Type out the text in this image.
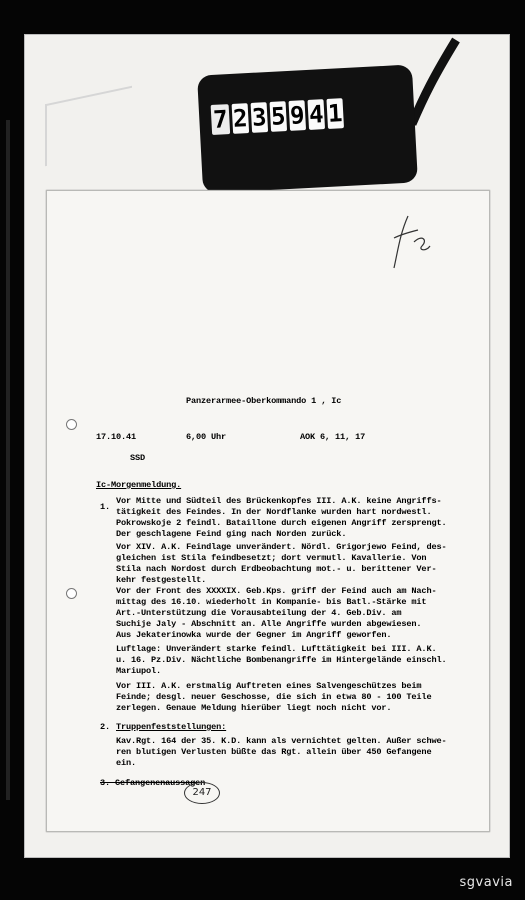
7 2 3 5 9 4 1
Panzerarmee-Oberkommando 1 , Ic
17.10.41	6,00 Uhr	AOK 6, 11, 17
SSD
Ic-Morgenmeldung.
1.
Vor Mitte und Südteil des Brückenkopfes III. A.K. keine Angriffs-
tätigkeit des Feindes. In der Nordflanke wurden hart nordwestl.
Pokrowskoje 2 feindl. Bataillone durch eigenen Angriff zersprengt.
Der geschlagene Feind ging nach Norden zurück.
Vor XIV. A.K. Feindlage unverändert. Nördl. Grigorjewo Feind, des-
gleichen ist Stila feindbesetzt; dort vermutl. Kavallerie. Von
Stila nach Nordost durch Erdbeobachtung mot.- u. berittener Ver-
kehr festgestellt.
Vor der Front des XXXXIX. Geb.Kps. griff der Feind auch am Nach-
mittag des 16.10. wiederholt in Kompanie- bis Batl.-Stärke mit
Art.-Unterstützung die Vorausabteilung der 4. Geb.Div. am
Suchije Jaly - Abschnitt an. Alle Angriffe wurden abgewiesen.
Aus Jekaterinowka wurde der Gegner im Angriff geworfen.
Luftlage: Unverändert starke feindl. Lufttätigkeit bei III. A.K.
u. 16. Pz.Div. Nächtliche Bombenangriffe im Hintergelände einschl.
Mariupol.
Vor III. A.K. erstmalig Auftreten eines Salvengeschützes beim
Feinde; desgl. neuer Geschosse, die sich in etwa 80 - 100 Teile
zerlegen. Genaue Meldung hierüber liegt noch nicht vor.
2. Truppenfeststellungen:
Kav.Rgt. 164 der 35. K.D. kann als vernichtet gelten. Außer schwe-
ren blutigen Verlusten büßte das Rgt. allein über 450 Gefangene
ein.
3. Gefangenenaussagen
247
sgvavia
